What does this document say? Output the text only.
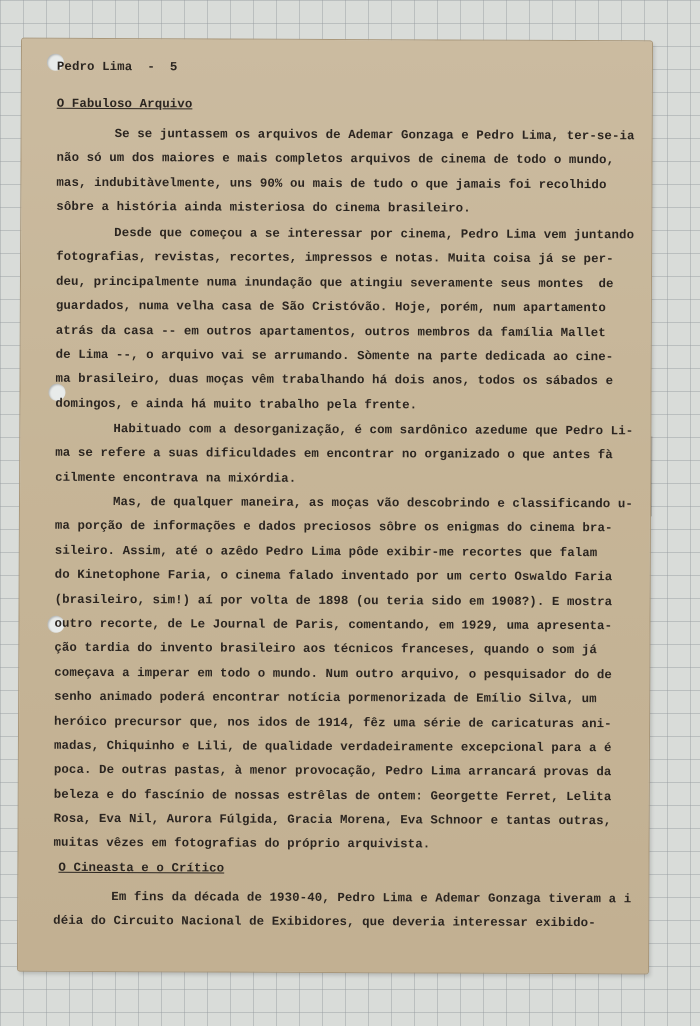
Pedro Lima  -  5
O Fabuloso Arquivo
Se se juntassem os arquivos de Ademar Gonzaga e Pedro Lima, ter-se-ia
não só um dos maiores e mais completos arquivos de cinema de todo o mundo,
mas, indubitàvelmente, uns 90% ou mais de tudo o que jamais foi recolhido
sôbre a história ainda misteriosa do cinema brasileiro.
Desde que começou a se interessar por cinema, Pedro Lima vem juntando
fotografias, revistas, recortes, impressos e notas. Muita coisa já se per-
deu, principalmente numa inundação que atingiu severamente seus montes  de
guardados, numa velha casa de São Cristóvão. Hoje, porém, num apartamento
atrás da casa -- em outros apartamentos, outros membros da família Mallet
de Lima --, o arquivo vai se arrumando. Sòmente na parte dedicada ao cine-
ma brasileiro, duas moças vêm trabalhando há dois anos, todos os sábados e
domingos, e ainda há muito trabalho pela frente.
Habituado com a desorganização, é com sardônico azedume que Pedro Li-
ma se refere a suas dificuldades em encontrar no organizado o que antes fà
cilmente encontrava na mixórdia.
Mas, de qualquer maneira, as moças vão descobrindo e classificando u-
ma porção de informações e dados preciosos sôbre os enigmas do cinema bra-
sileiro. Assim, até o azêdo Pedro Lima pôde exibir-me recortes que falam
do Kinetophone Faria, o cinema falado inventado por um certo Oswaldo Faria
(brasileiro, sim!) aí por volta de 1898 (ou teria sido em 1908?). E mostra
outro recorte, de Le Journal de Paris, comentando, em 1929, uma apresenta-
ção tardia do invento brasileiro aos técnicos franceses, quando o som já
começava a imperar em todo o mundo. Num outro arquivo, o pesquisador do de
senho animado poderá encontrar notícia pormenorizada de Emílio Silva, um
heróico precursor que, nos idos de 1914, fêz uma série de caricaturas ani-
madas, Chiquinho e Lili, de qualidade verdadeiramente excepcional para a é
poca. De outras pastas, à menor provocação, Pedro Lima arrancará provas da
beleza e do fascínio de nossas estrêlas de ontem: Georgette Ferret, Lelita
Rosa, Eva Nil, Aurora Fúlgida, Gracia Morena, Eva Schnoor e tantas outras,
muitas vêzes em fotografias do próprio arquivista.
O Cineasta e o Crítico
Em fins da década de 1930-40, Pedro Lima e Ademar Gonzaga tiveram a i
déia do Circuito Nacional de Exibidores, que deveria interessar exibido-
